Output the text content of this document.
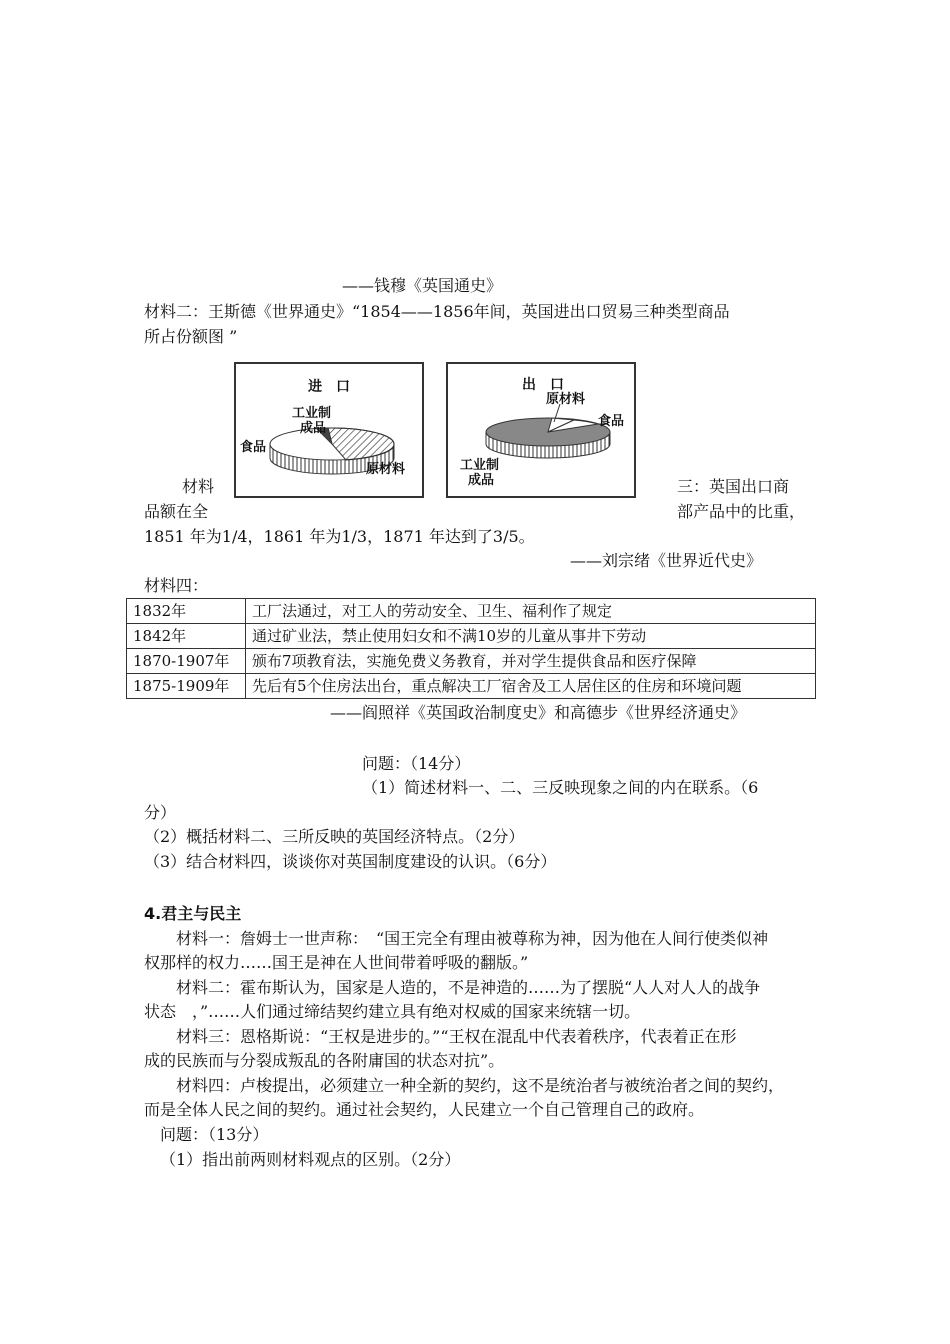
——钱穆《英国通史》
材料二：王斯德《世界通史》“1854——1856年间，英国进出口贸易三种类型商品
所占份额图 ”
进　口
工业制
成品
食品
原材料
出　口
原材料
食品
工业制
成品
材料	三：英国出口商
品额在全	部产品中的比重，
1851 年为1/4，1861 年为1/3，1871 年达到了3/5。
——刘宗绪《世界近代史》
材料四：
1832年	工厂法通过，对工人的劳动安全、卫生、福利作了规定
1842年	通过矿业法，禁止使用妇女和不满10岁的儿童从事井下劳动
1870-1907年	颁布7项教育法，实施免费义务教育，并对学生提供食品和医疗保障
1875-1909年	先后有5个住房法出台，重点解决工厂宿舍及工人居住区的住房和环境问题
——阎照祥《英国政治制度史》和高德步《世界经济通史》
问题：（14分）
（1）简述材料一、二、三反映现象之间的内在联系。（6
分）
（2）概括材料二、三所反映的英国经济特点。（2分）
（3）结合材料四，谈谈你对英国制度建设的认识。（6分）
4.君主与民主
材料一：詹姆士一世声称：　“国王完全有理由被尊称为神，因为他在人间行使类似神
权那样的权力……国王是神在人世间带着呼吸的翻版。”
材料二：霍布斯认为，国家是人造的，不是神造的……为了摆脱“人人对人人的战争
状态　，”……人们通过缔结契约建立具有绝对权威的国家来统辖一切。
材料三：恩格斯说：“王权是进步的。”“王权在混乱中代表着秩序，代表着正在形
成的民族而与分裂成叛乱的各附庸国的状态对抗”。
材料四：卢梭提出，必须建立一种全新的契约，这不是统治者与被统治者之间的契约，
而是全体人民之间的契约。通过社会契约，人民建立一个自己管理自己的政府。
问题：（13分）
（1）指出前两则材料观点的区别。（2分）
